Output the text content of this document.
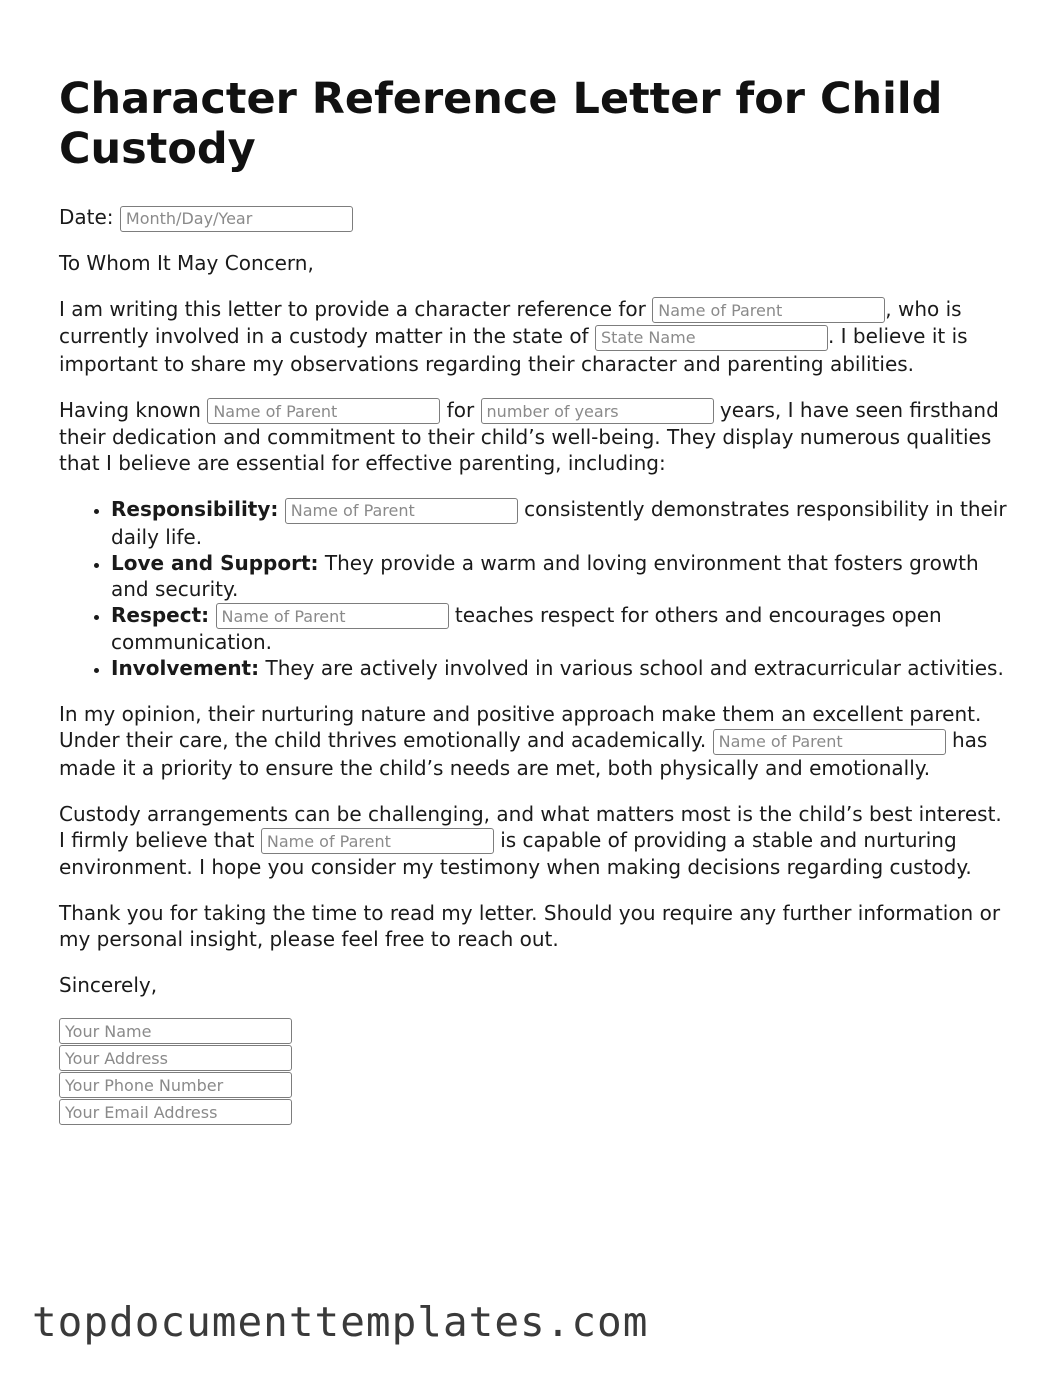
Character Reference Letter for Child Custody
Date: Month/Day/Year

To Whom It May Concern,

I am writing this letter to provide a character reference for Name of Parent	, who is currently involved in a custody matter in the state of State Name	. I believe it is important to share my observations regarding their character and parenting abilities.

Having known Name of Parent	for number of years	years, I have seen firsthand their dedication and commitment to their child’s well-being. They display numerous qualities that I believe are essential for effective parenting, including:

• Responsibility: Name of Parent	consistently demonstrates responsibility in their daily life.
• Love and Support: They provide a warm and loving environment that fosters growth and security.
• Respect: Name of Parent	teaches respect for others and encourages open communication.
• Involvement: They are actively involved in various school and extracurricular activities.

In my opinion, their nurturing nature and positive approach make them an excellent parent. Under their care, the child thrives emotionally and academically. Name of Parent	has made it a priority to ensure the child’s needs are met, both physically and emotionally.

Custody arrangements can be challenging, and what matters most is the child’s best interest. I firmly believe that Name of Parent	is capable of providing a stable and nurturing environment. I hope you consider my testimony when making decisions regarding custody.

Thank you for taking the time to read my letter. Should you require any further information or my personal insight, please feel free to reach out.

Sincerely,

Your Name
Your Address
Your Phone Number
Your Email Address
topdocumenttemplates.com
